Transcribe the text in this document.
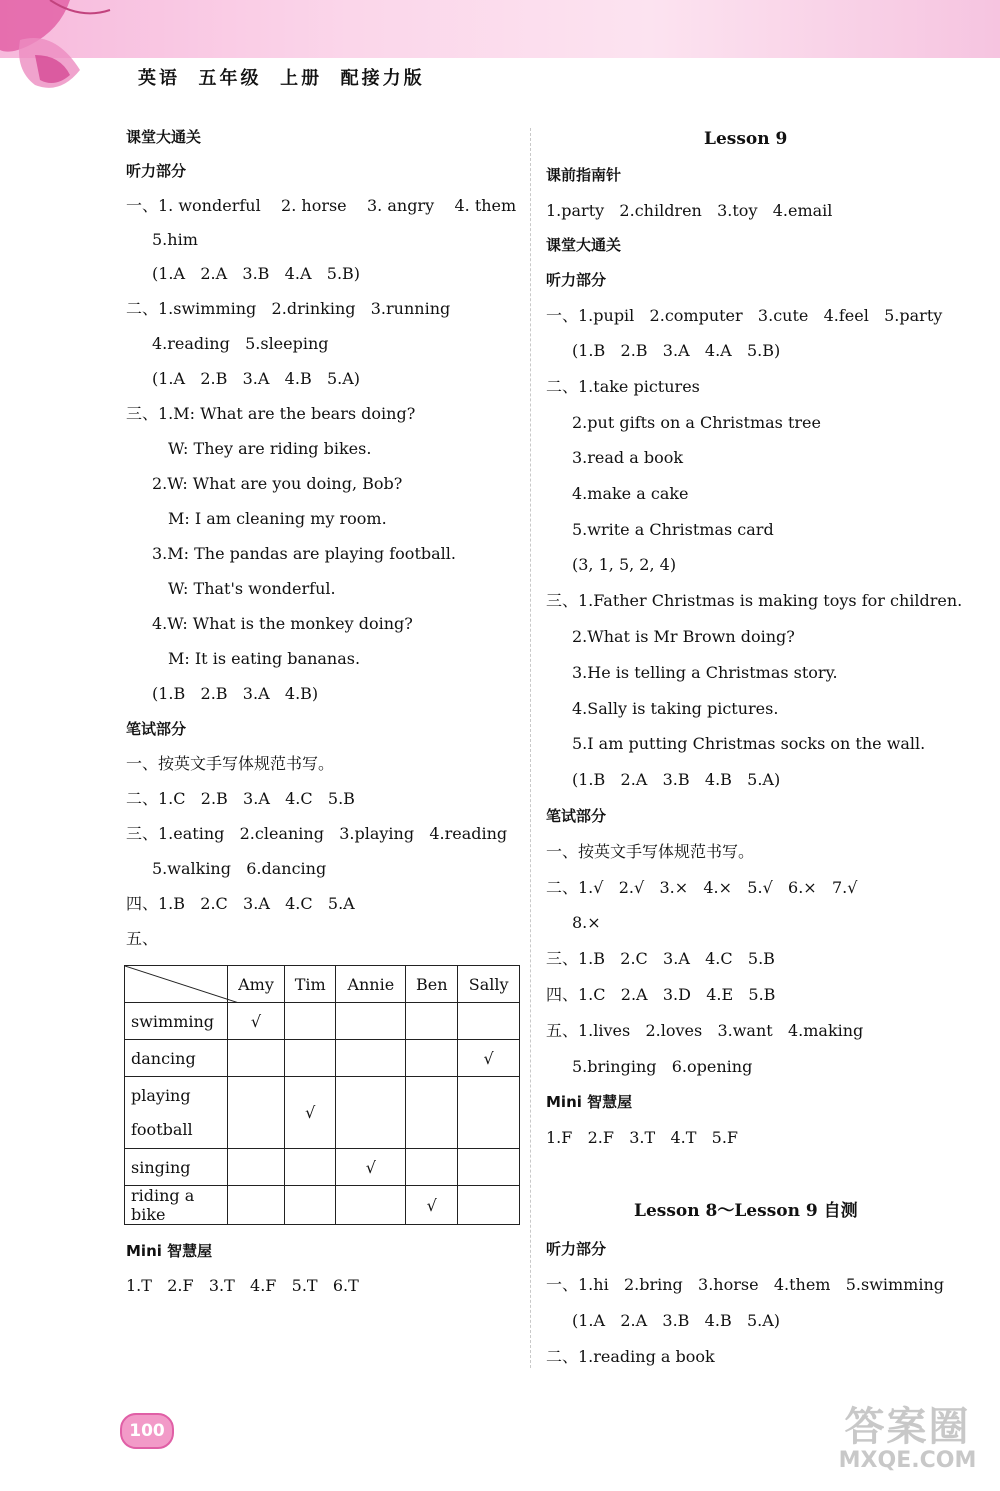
英语  五年级  上册  配接力版
课堂大通关
听力部分
一、1. wonderful    2. horse    3. angry    4. them
5.him
(1.A   2.A   3.B   4.A   5.B)
二、1.swimming   2.drinking   3.running
4.reading   5.sleeping
(1.A   2.B   3.A   4.B   5.A)
三、1.M: What are the bears doing?
W: They are riding bikes.
2.W: What are you doing, Bob?
M: I am cleaning my room.
3.M: The pandas are playing football.
W: That's wonderful.
4.W: What is the monkey doing?
M: It is eating bananas.
(1.B   2.B   3.A   4.B)
笔试部分
一、按英文手写体规范书写。
二、1.C   2.B   3.A   4.C   5.B
三、1.eating   2.cleaning   3.playing   4.reading
5.walking   6.dancing
四、1.B   2.C   3.A   4.C   5.A
五、
	Amy	Tim	Annie	Ben	Sally
swimming	√				
dancing					√

playing
football		√			
singing			√		
riding a bike				√	
Mini 智慧屋
1.T   2.F   3.T   4.F   5.T   6.T
Lesson 9
课前指南针
1.party   2.children   3.toy   4.email
课堂大通关
听力部分
一、1.pupil   2.computer   3.cute   4.feel   5.party
(1.B   2.B   3.A   4.A   5.B)
二、1.take pictures
2.put gifts on a Christmas tree
3.read a book
4.make a cake
5.write a Christmas card
(3, 1, 5, 2, 4)
三、1.Father Christmas is making toys for children.
2.What is Mr Brown doing?
3.He is telling a Christmas story.
4.Sally is taking pictures.
5.I am putting Christmas socks on the wall.
(1.B   2.A   3.B   4.B   5.A)
笔试部分
一、按英文手写体规范书写。
二、1.√   2.√   3.×   4.×   5.√   6.×   7.√
8.×
三、1.B   2.C   3.A   4.C   5.B
四、1.C   2.A   3.D   4.E   5.B
五、1.lives   2.loves   3.want   4.making
5.bringing   6.opening
Mini 智慧屋
1.F   2.F   3.T   4.T   5.F
Lesson 8～Lesson 9 自测
听力部分
一、1.hi   2.bring   3.horse   4.them   5.swimming
(1.A   2.A   3.B   4.B   5.A)
二、1.reading a book
100	答案圈
MXQE.COM
